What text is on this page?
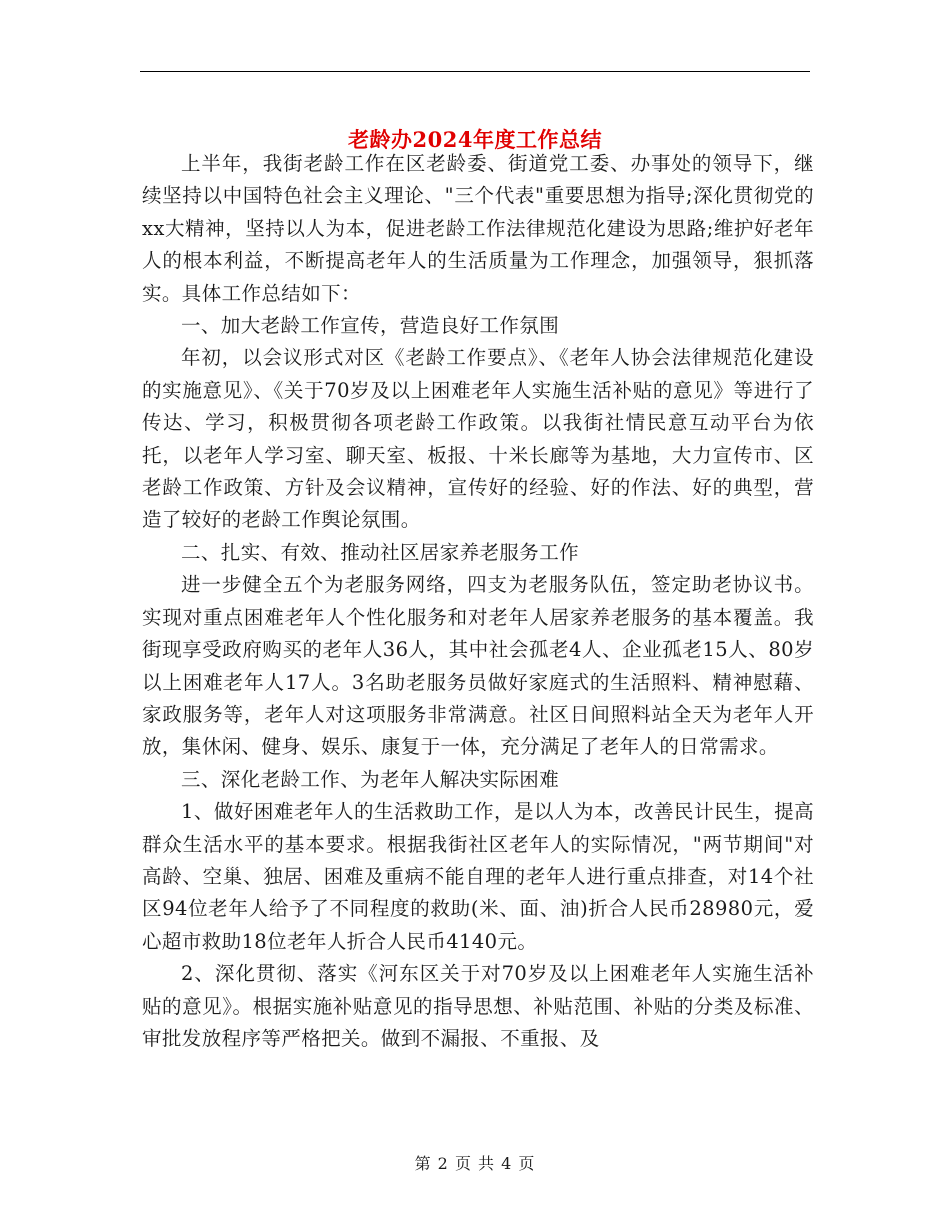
老龄办2024年度工作总结

上半年，我街老龄工作在区老龄委、街道党工委、办事处的领导下，继续坚持以中国特色社会主义理论、"三个代表"重要思想为指导;深化贯彻党的xx大精神，坚持以人为本，促进老龄工作法律规范化建设为思路;维护好老年人的根本利益，不断提高老年人的生活质量为工作理念，加强领导，狠抓落实。具体工作总结如下：

一、加大老龄工作宣传，营造良好工作氛围

年初，以会议形式对区《老龄工作要点》、《老年人协会法律规范化建设的实施意见》、《关于70岁及以上困难老年人实施生活补贴的意见》等进行了传达、学习，积极贯彻各项老龄工作政策。以我街社情民意互动平台为依托，以老年人学习室、聊天室、板报、十米长廊等为基地，大力宣传市、区老龄工作政策、方针及会议精神，宣传好的经验、好的作法、好的典型，营造了较好的老龄工作舆论氛围。

二、扎实、有效、推动社区居家养老服务工作

进一步健全五个为老服务网络，四支为老服务队伍，签定助老协议书。实现对重点困难老年人个性化服务和对老年人居家养老服务的基本覆盖。我街现享受政府购买的老年人36人，其中社会孤老4人、企业孤老15人、80岁以上困难老年人17人。3名助老服务员做好家庭式的生活照料、精神慰藉、家政服务等，老年人对这项服务非常满意。社区日间照料站全天为老年人开放，集休闲、健身、娱乐、康复于一体，充分满足了老年人的日常需求。

三、深化老龄工作、为老年人解决实际困难

1、做好困难老年人的生活救助工作，是以人为本，改善民计民生，提高群众生活水平的基本要求。根据我街社区老年人的实际情况，"两节期间"对高龄、空巢、独居、困难及重病不能自理的老年人进行重点排查，对14个社区94位老年人给予了不同程度的救助(米、面、油)折合人民币28980元，爱心超市救助18位老年人折合人民币4140元。

2、深化贯彻、落实《河东区关于对70岁及以上困难老年人实施生活补贴的意见》。根据实施补贴意见的指导思想、补贴范围、补贴的分类及标准、审批发放程序等严格把关。做到不漏报、不重报、及

第 2 页 共 4 页
